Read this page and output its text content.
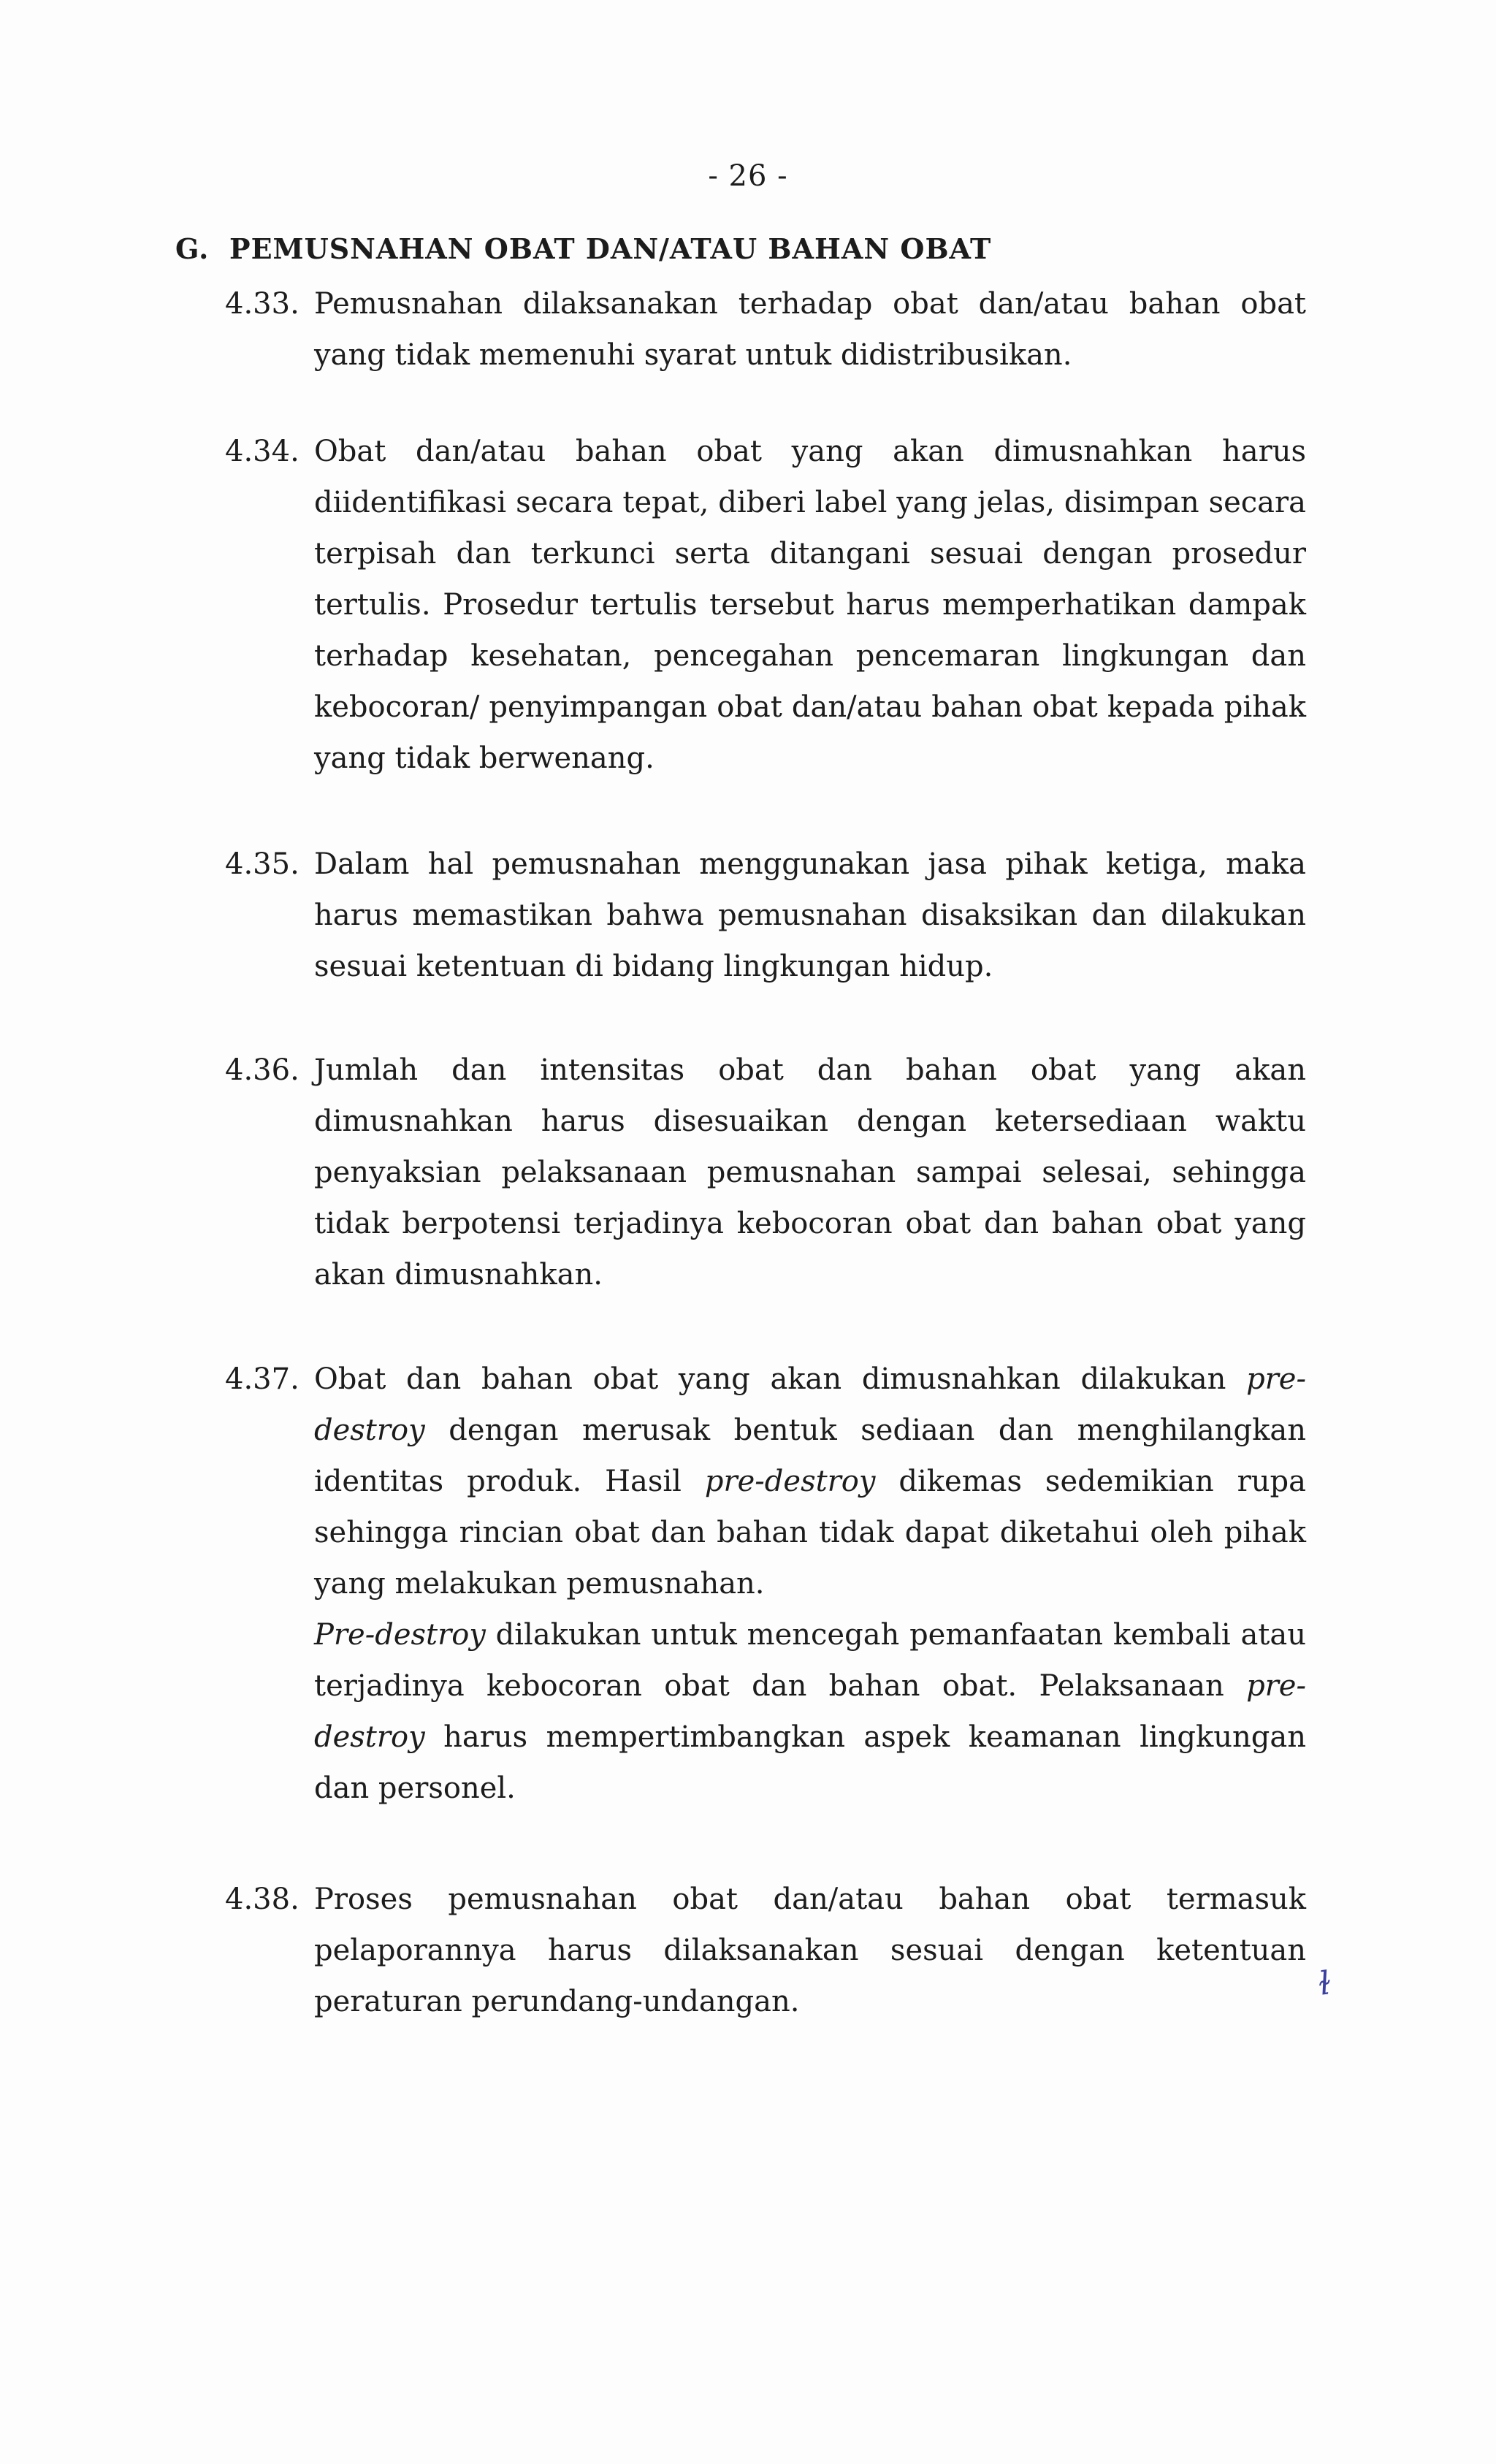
- 26 -
G. PEMUSNAHAN OBAT DAN/ATAU BAHAN OBAT
4.33. Pemusnahan dilaksanakan terhadap obat dan/atau bahan obat yang tidak memenuhi syarat untuk didistribusikan.

4.34. Obat dan/atau bahan obat yang akan dimusnahkan harus diidentifikasi secara tepat, diberi label yang jelas, disimpan secara terpisah dan terkunci serta ditangani sesuai dengan prosedur tertulis. Prosedur tertulis tersebut harus memperhatikan dampak terhadap kesehatan, pencegahan pencemaran lingkungan dan kebocoran/ penyimpangan obat dan/atau bahan obat kepada pihak yang tidak berwenang.

4.35. Dalam hal pemusnahan menggunakan jasa pihak ketiga, maka harus memastikan bahwa pemusnahan disaksikan dan dilakukan sesuai ketentuan di bidang lingkungan hidup.

4.36. Jumlah dan intensitas obat dan bahan obat yang akan dimusnahkan harus disesuaikan dengan ketersediaan waktu penyaksian pelaksanaan pemusnahan sampai selesai, sehingga tidak berpotensi terjadinya kebocoran obat dan bahan obat yang akan dimusnahkan.

4.37. Obat dan bahan obat yang akan dimusnahkan dilakukan pre-destroy dengan merusak bentuk sediaan dan menghilangkan identitas produk. Hasil pre-destroy dikemas sedemikian rupa sehingga rincian obat dan bahan tidak dapat diketahui oleh pihak yang melakukan pemusnahan.

Pre-destroy dilakukan untuk mencegah pemanfaatan kembali atau terjadinya kebocoran obat dan bahan obat. Pelaksanaan pre-destroy harus mempertimbangkan aspek keamanan lingkungan dan personel.

4.38. Proses pemusnahan obat dan/atau bahan obat termasuk pelaporannya harus dilaksanakan sesuai dengan ketentuan peraturan perundang-undangan.	ɫ
